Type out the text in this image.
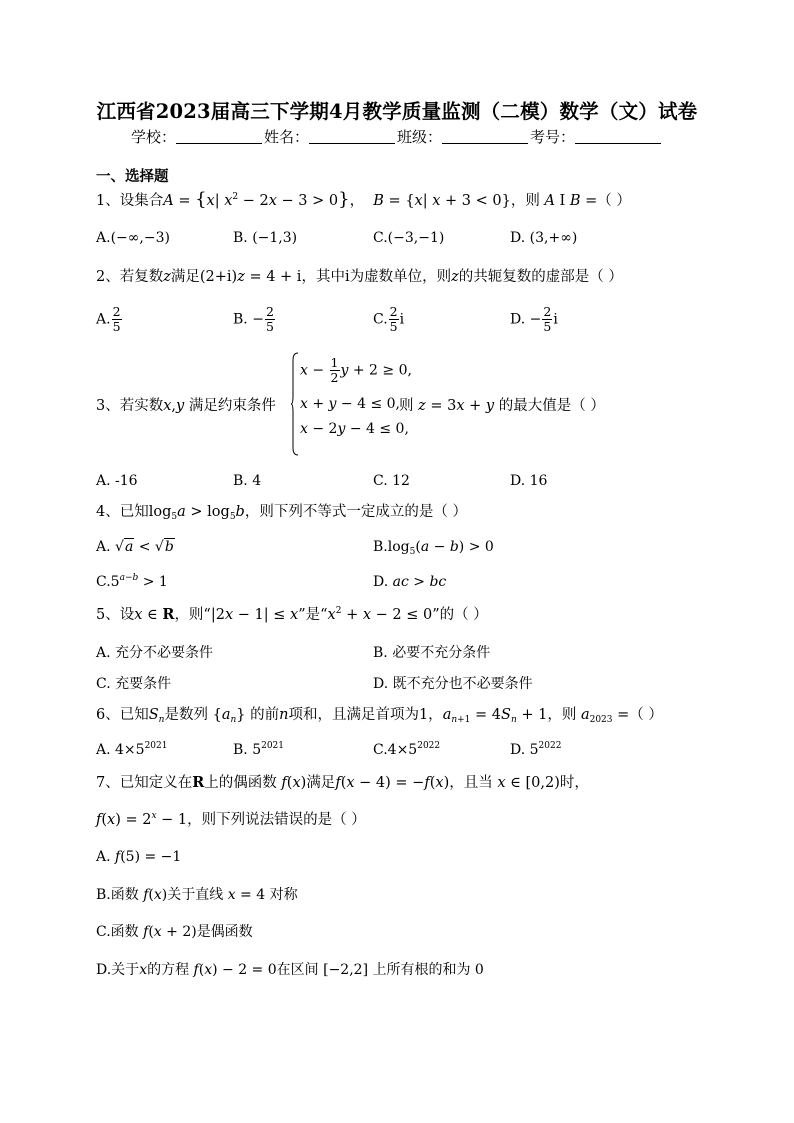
江西省2023届高三下学期4月教学质量监测（二模）数学（文）试卷
学校：	姓名：	班级：	考号：
一、选择题
1、设集合A = {x| $x^2 - 2x - 3 > 0$}， B = {x| x + 3 < 0}，则 A I B =（ ）
A.(−∞,−3)	B. (−1,3)	C.(−3,−1)	D. (3,+∞)
2、若复数z满足(2+i)z = 4 + i，其中i为虚数单位，则z的共轭复数的虚部是（ ）
A. $\frac{2}{5}$	B. − $\frac{2}{5}$	C. $\frac{2}{5}$ i	D. − $\frac{2}{5}$ i
3、若实数x,y 满足约束条件
$x - \frac{1}{2}$ y + 2 ≥ 0,
x + y − 4 ≤ 0,
x − 2y − 4 ≤ 0,
则 z = 3x + y 的最大值是（ ）
A. -16	B. 4	C. 12	D. 16
4、已知$\log_5a > \log_5b$，则下列不等式一定成立的是（ ）
A. √a < √b	$B.\log_5(a - b) > 0$
$C.5^{a-b} > 1$	D. ac > bc
5、设x ∈ R，则“|2x − 1| ≤ x”是“$x^2 + x - 2 \le 0$”的（ ）
A. 充分不必要条件	B. 必要不充分条件
C. 充要条件	D. 既不充分也不必要条件
6、已知$S_n$是数列 $\{a_n\}$ 的前n项和，且满足首项为1，$a_{n+1} = 4S_n + 1$，则 $a_{2023}$ =（ ）
A. $4\times 5^{2021}$	B. $5^{2021}$	$C.4\times 5^{2022}$	D. $5^{2022}$
7、已知定义在R上的偶函数 f(x)满足f(x − 4) = −f(x)，且当 x ∈ [0,2)时，
$f(x) = 2^x - 1$，则下列说法错误的是（ ）
A. f(5) = −1
B.函数 f(x)关于直线 x = 4 对称
C.函数 f(x + 2)是偶函数
D.关于x的方程 f(x) − 2 = 0在区间 [−2,2] 上所有根的和为 0
